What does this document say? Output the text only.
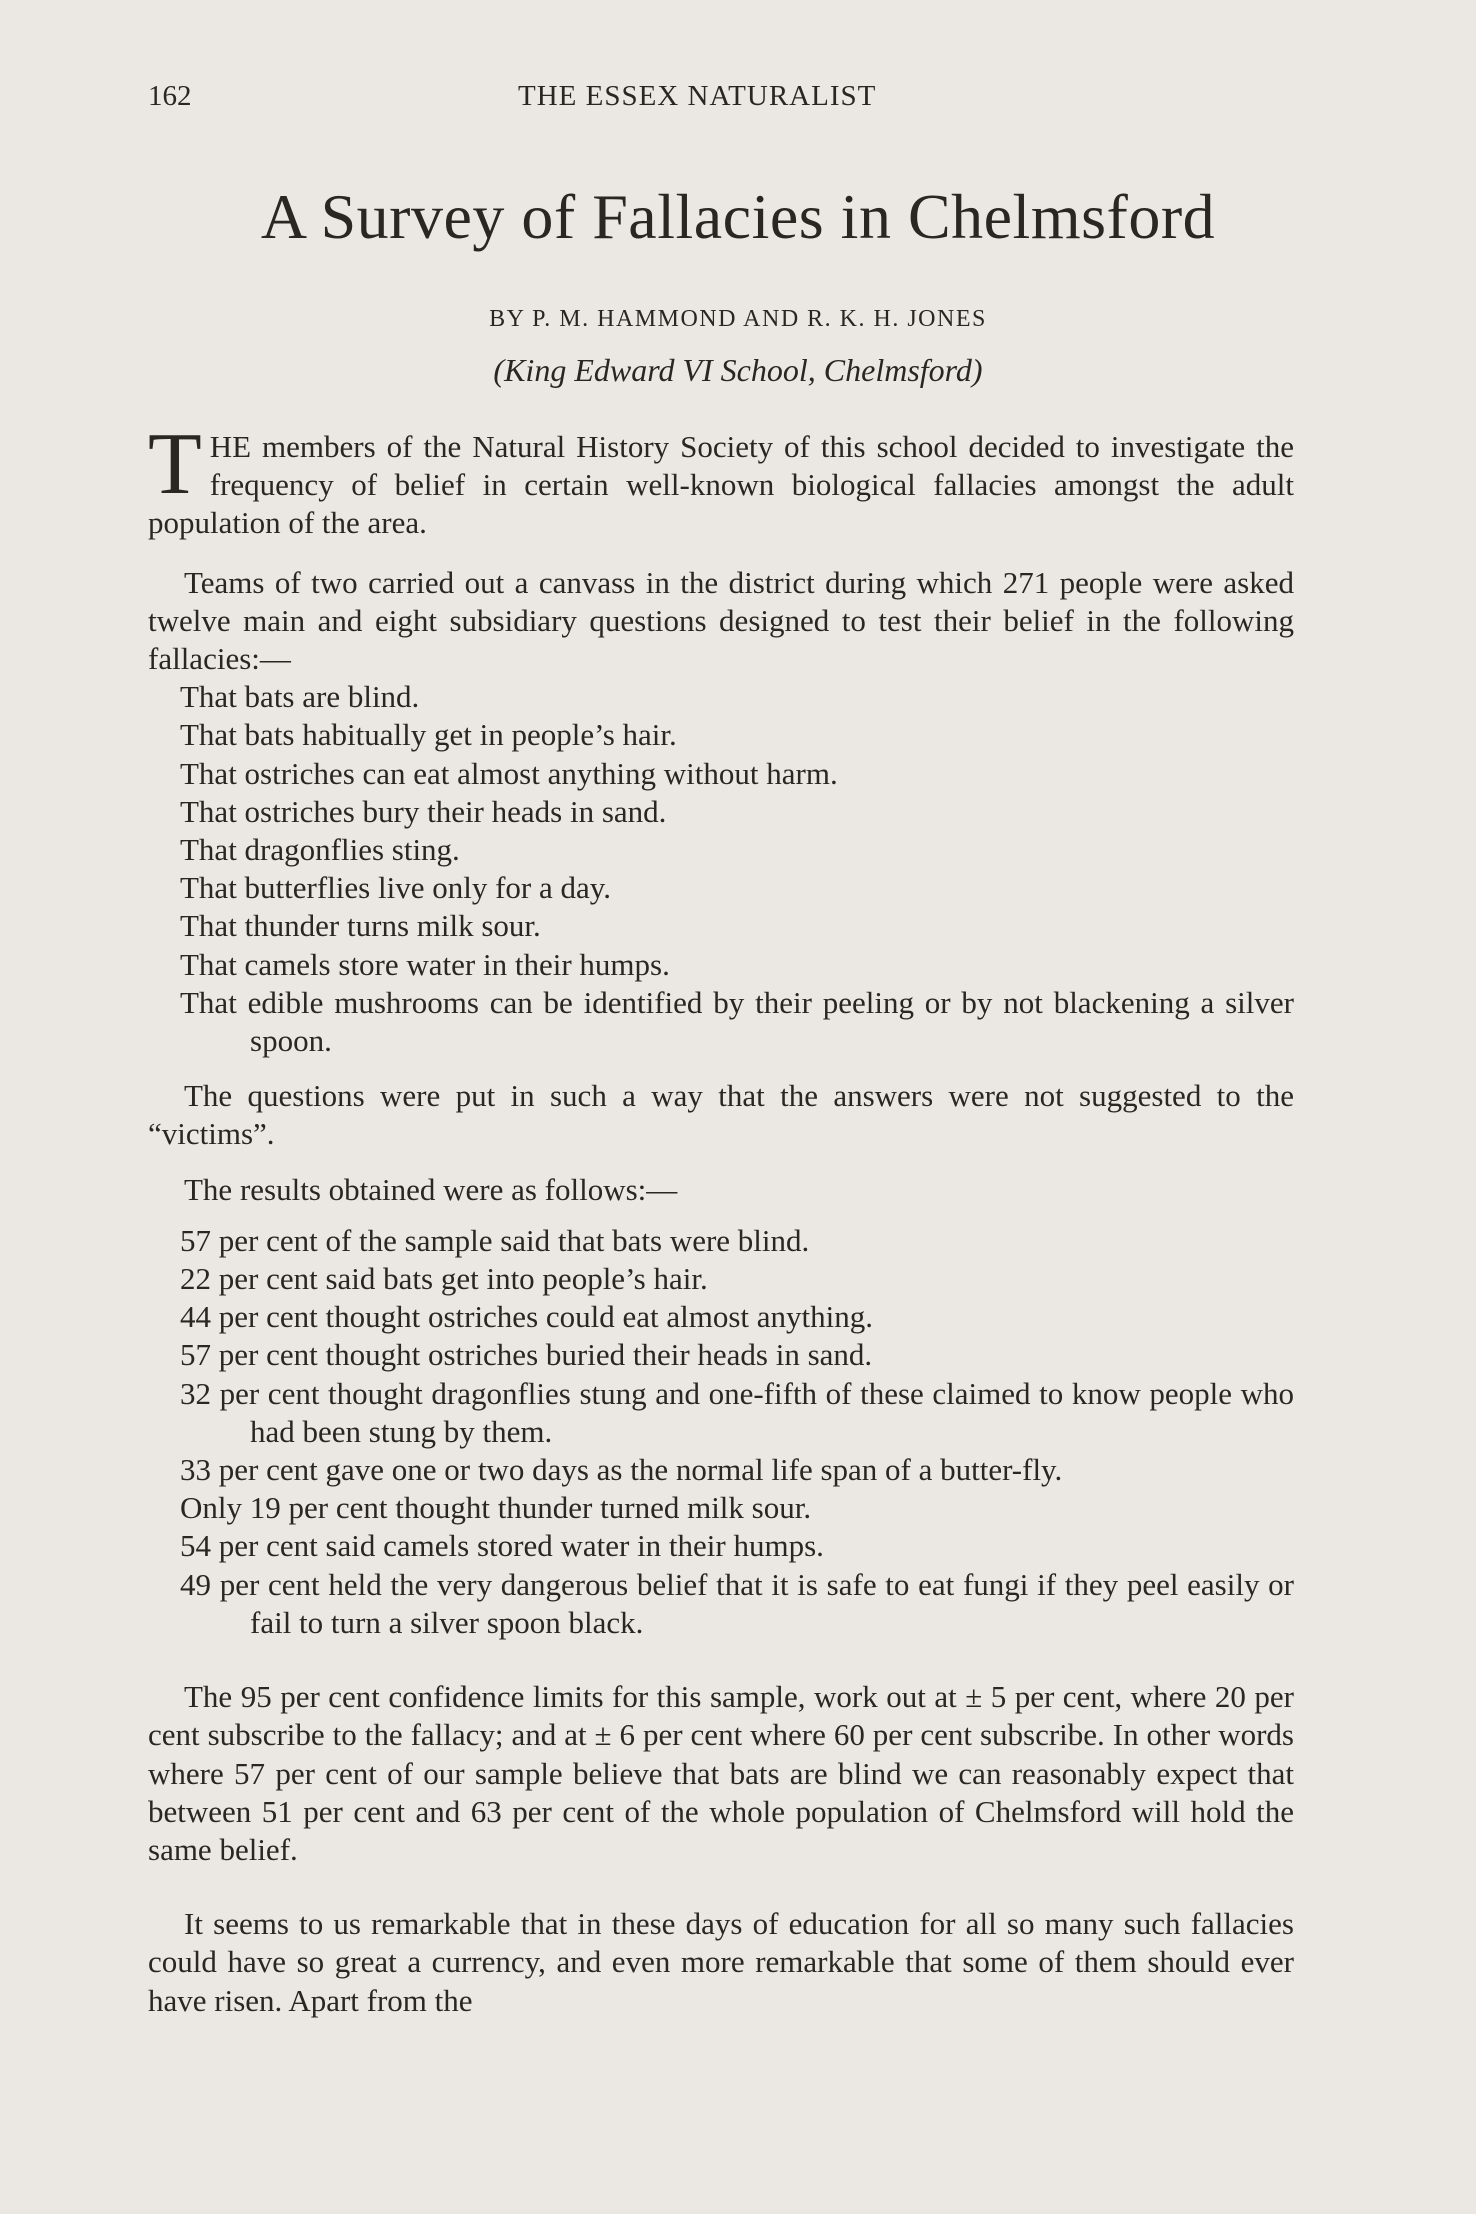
162	THE ESSEX NATURALIST
A Survey of Fallacies in Chelmsford
BY P. M. HAMMOND AND R. K. H. JONES
(King Edward VI School, Chelmsford)

THE members of the Natural History Society of this school decided to investigate the frequency of belief in certain well-known biological fallacies amongst the adult population of the area.

Teams of two carried out a canvass in the district during which 271 people were asked twelve main and eight subsidiary questions designed to test their belief in the following fallacies:—

That bats are blind.
That bats habitually get in people’s hair.
That ostriches can eat almost anything without harm.
That ostriches bury their heads in sand.
That dragonflies sting.
That butterflies live only for a day.
That thunder turns milk sour.
That camels store water in their humps.
That edible mushrooms can be identified by their peeling or by not blackening a silver spoon.

The questions were put in such a way that the answers were not suggested to the “victims”.

The results obtained were as follows:—

57 per cent of the sample said that bats were blind.
22 per cent said bats get into people’s hair.
44 per cent thought ostriches could eat almost anything.
57 per cent thought ostriches buried their heads in sand.
32 per cent thought dragonflies stung and one-fifth of these claimed to know people who had been stung by them.
33 per cent gave one or two days as the normal life span of a butter-fly.
Only 19 per cent thought thunder turned milk sour.
54 per cent said camels stored water in their humps.
49 per cent held the very dangerous belief that it is safe to eat fungi if they peel easily or fail to turn a silver spoon black.

The 95 per cent confidence limits for this sample, work out at ± 5 per cent, where 20 per cent subscribe to the fallacy; and at ± 6 per cent where 60 per cent subscribe. In other words where 57 per cent of our sample believe that bats are blind we can reasonably expect that between 51 per cent and 63 per cent of the whole population of Chelmsford will hold the same belief.

It seems to us remarkable that in these days of education for all so many such fallacies could have so great a currency, and even more remarkable that some of them should ever have risen. Apart from the
